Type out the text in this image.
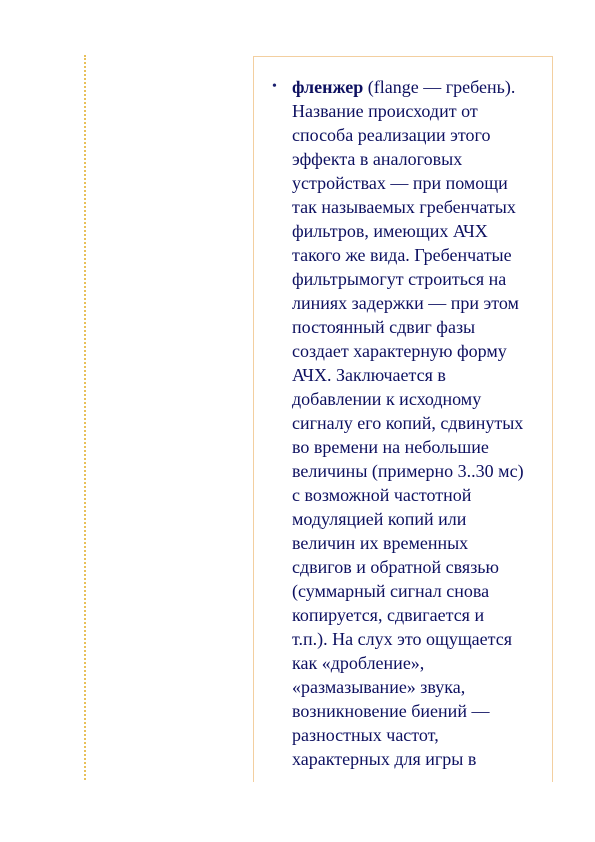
• фленжер (flange — гребень).
Название происходит от
способа реализации этого
эффекта в аналоговых
устройствах — при помощи
так называемых гребенчатых
фильтров, имеющих АЧХ
такого же вида. Гребенчатые
фильтрымогут строиться на
линиях задержки — при этом
постоянный сдвиг фазы
создает характерную форму
АЧХ. Заключается в
добавлении к исходному
сигналу его копий, сдвинутых
во времени на небольшие
величины (примерно 3..30 мс)
с возможной частотной
модуляцией копий или
величин их временных
сдвигов и обратной связью
(суммарный сигнал снова
копируется, сдвигается и
т.п.). На слух это ощущается
как «дробление»,
«размазывание» звука,
возникновение биений —
разностных частот,
характерных для игры в
